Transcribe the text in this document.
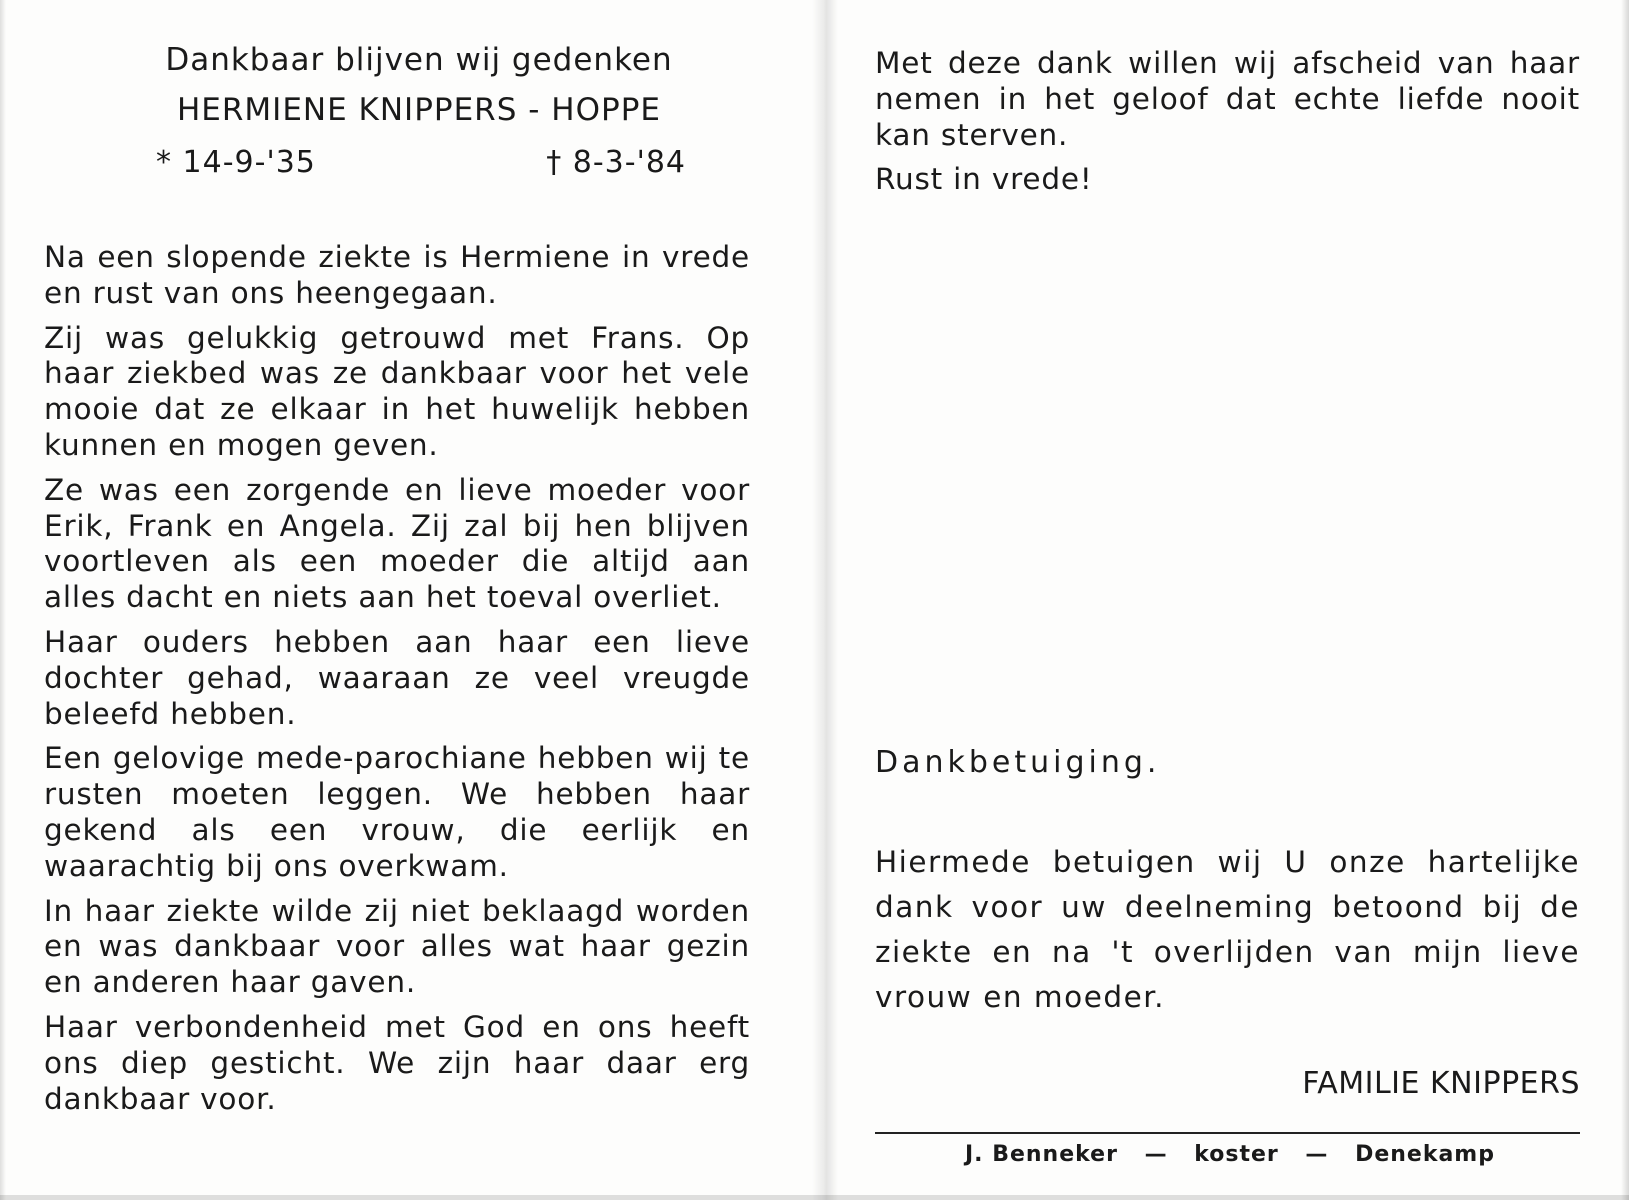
Dankbaar blijven wij gedenken
HERMIENE KNIPPERS - HOPPE
* 14-9-'35	† 8-3-'84

Na een slopende ziekte is Hermiene in vrede en rust van ons heengegaan.

Zij was gelukkig getrouwd met Frans. Op haar ziekbed was ze dankbaar voor het vele mooie dat ze elkaar in het huwelijk hebben kunnen en mogen geven.

Ze was een zorgende en lieve moeder voor Erik, Frank en Angela. Zij zal bij hen blijven voortleven als een moeder die altijd aan alles dacht en niets aan het toeval overliet.

Haar ouders hebben aan haar een lieve dochter gehad, waaraan ze veel vreugde beleefd hebben.

Een gelovige mede-parochiane hebben wij te rusten moeten leggen. We hebben haar gekend als een vrouw, die eerlijk en waarachtig bij ons overkwam.

In haar ziekte wilde zij niet beklaagd worden en was dankbaar voor alles wat haar gezin en anderen haar gaven.

Haar verbondenheid met God en ons heeft ons diep gesticht. We zijn haar daar erg dankbaar voor.

Met deze dank willen wij afscheid van haar nemen in het geloof dat echte liefde nooit kan sterven.

Rust in vrede!

Dankbetuiging.
Hiermede betuigen wij U onze hartelijke dank voor uw deelneming betoond bij de ziekte en na 't overlijden van mijn lieve vrouw en moeder.
FAMILIE KNIPPERS
J. Benneker — koster — Denekamp
